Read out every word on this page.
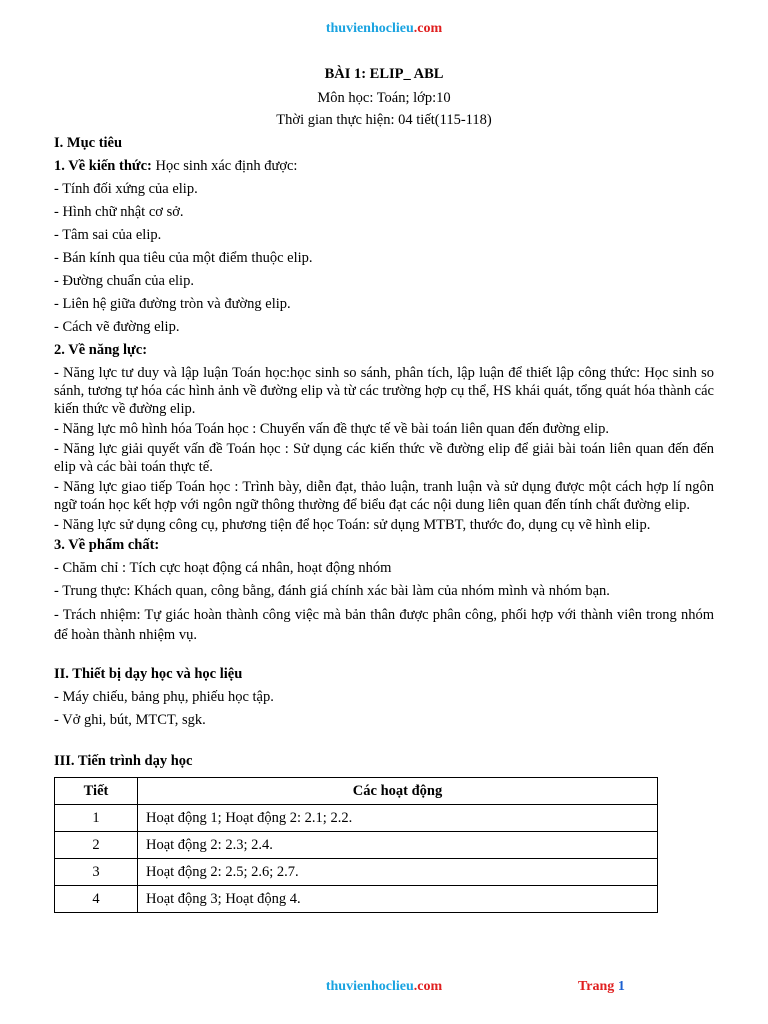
thuvienhoclieu.com
BÀI 1: ELIP_ ABL
Môn học: Toán; lớp:10
Thời gian thực hiện: 04 tiết(115-118)
I. Mục tiêu
1. Về kiến thức: Học sinh xác định được:
- Tính đối xứng của elip.
- Hình chữ nhật cơ sở.
- Tâm sai của elip.
- Bán kính qua tiêu của một điểm thuộc elip.
- Đường chuẩn của elip.
- Liên hệ giữa đường tròn và đường elip.
- Cách vẽ đường elip.
2. Về năng lực:
- Năng lực tư duy và lập luận Toán học:học sinh so sánh, phân tích, lập luận để thiết lập công thức: Học sinh so sánh, tương tự hóa các hình ảnh về đường elip và từ các trường hợp cụ thể, HS khái quát, tổng quát hóa thành các kiến thức về đường elip.
- Năng lực mô hình hóa Toán học : Chuyển vấn đề thực tế về bài toán liên quan đến đường elip.
- Năng lực giải quyết vấn đề Toán học : Sử dụng các kiến thức về đường elip để giải bài toán liên quan đến đến elip và các bài toán thực tế.
- Năng lực giao tiếp Toán học : Trình bày, diễn đạt, thảo luận, tranh luận và sử dụng được một cách hợp lí ngôn ngữ toán học kết hợp với ngôn ngữ thông thường để biểu đạt các nội dung liên quan đến tính chất đường elip.
- Năng lực sử dụng công cụ, phương tiện để học Toán: sử dụng MTBT, thước đo, dụng cụ vẽ hình elip.
3. Về phẩm chất:
- Chăm chỉ : Tích cực hoạt động cá nhân, hoạt động nhóm
- Trung thực: Khách quan, công bằng, đánh giá chính xác bài làm của nhóm mình và nhóm bạn.
- Trách nhiệm: Tự giác hoàn thành công việc mà bản thân được phân công, phối hợp với thành viên trong nhóm để hoàn thành nhiệm vụ.
II. Thiết bị dạy học và học liệu
- Máy chiếu, bảng phụ, phiếu học tập.
- Vở ghi, bút, MTCT, sgk.
III. Tiến trình dạy học
Tiết	Các hoạt động
1	Hoạt động 1; Hoạt động 2: 2.1; 2.2.
2	Hoạt động 2: 2.3; 2.4.
3	Hoạt động 2: 2.5; 2.6; 2.7.
4	Hoạt động 3; Hoạt động 4.
thuvienhoclieu.com	Trang 1
